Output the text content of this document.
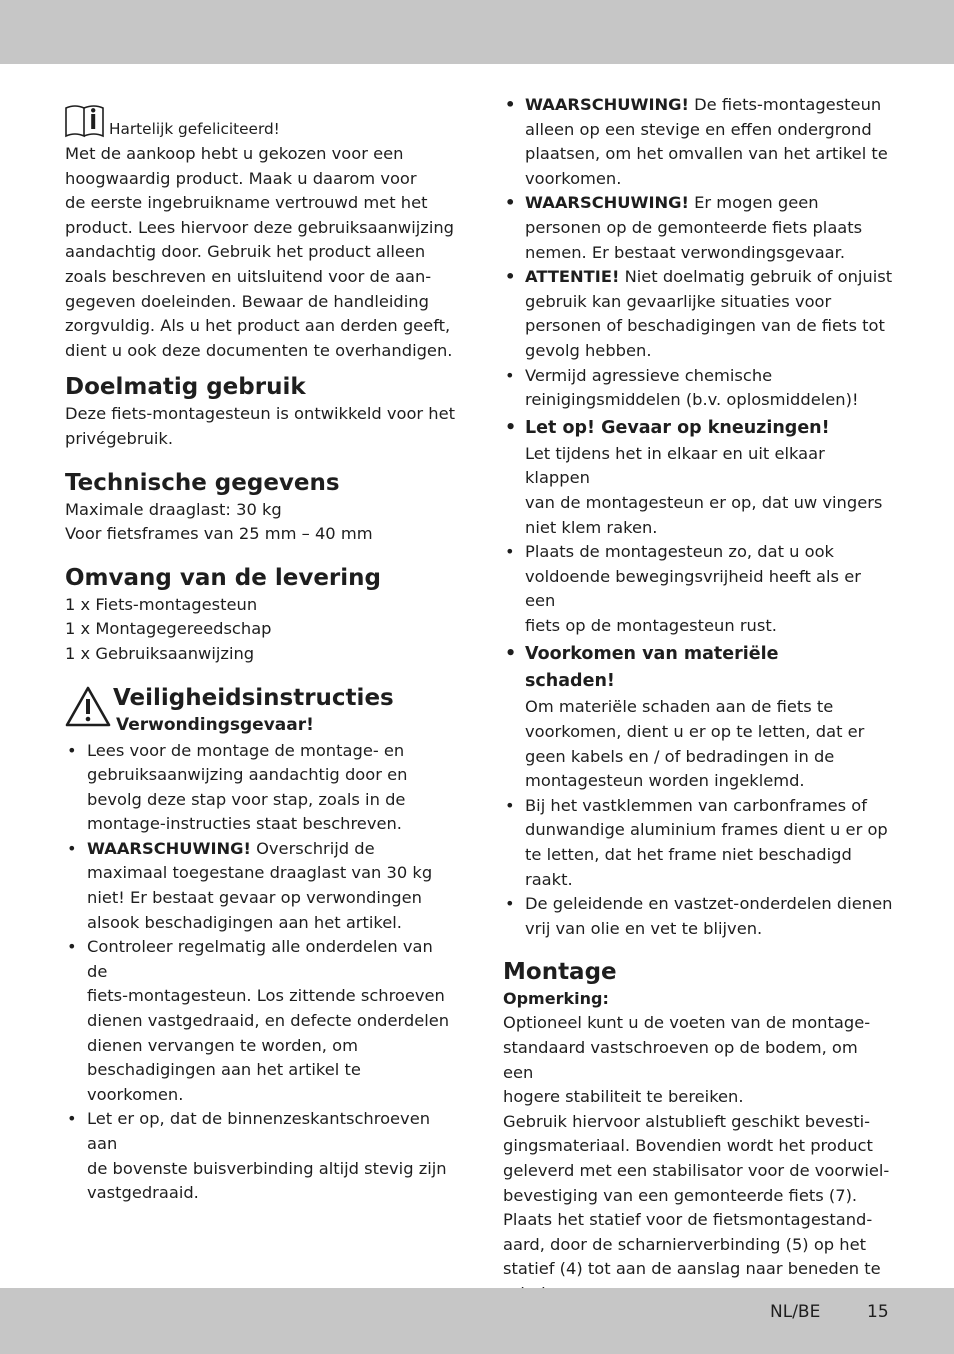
Hartelijk gefeliciteerd!

Met de aankoop hebt u gekozen voor een

hoogwaardig product. Maak u daarom voor

de eerste ingebruikname vertrouwd met het

product. Lees hiervoor deze gebruiksaanwijzing

aandachtig door. Gebruik het product alleen

zoals beschreven en uitsluitend voor de aan-

gegeven doeleinden. Bewaar de handleiding

zorgvuldig. Als u het product aan derden geeft,

dient u ook deze documenten te overhandigen.

Doelmatig gebruik

Deze fiets-montagesteun is ontwikkeld voor het

privégebruik.

Technische gegevens

Maximale draaglast: 30 kg

Voor fietsframes van 25 mm – 40 mm

Omvang van de levering

1 x Fiets-montagesteun

1 x Montagegereedschap

1 x Gebruiksaanwijzing

Veiligheidsinstructies
Verwondingsgevaar!
• Lees voor de montage de montage- en
gebruiksaanwijzing aandachtig door en
bevolg deze stap voor stap, zoals in de
montage-instructies staat beschreven.
• WAARSCHUWING! Overschrijd de
maximaal toegestane draaglast van 30 kg
niet! Er bestaat gevaar op verwondingen
alsook beschadigingen aan het artikel.
• Controleer regelmatig alle onderdelen van de
fiets-montagesteun. Los zittende schroeven
dienen vastgedraaid, en defecte onderdelen
dienen vervangen te worden, om
beschadigingen aan het artikel te voorkomen.
• Let er op, dat de binnenzeskantschroeven aan
de bovenste buisverbinding altijd stevig zijn
vastgedraaid.
• WAARSCHUWING! De fiets-montagesteun
alleen op een stevige en effen ondergrond
plaatsen, om het omvallen van het artikel te
voorkomen.
• WAARSCHUWING! Er mogen geen
personen op de gemonteerde fiets plaats
nemen. Er bestaat verwondingsgevaar.
• ATTENTIE! Niet doelmatig gebruik of onjuist
gebruik kan gevaarlijke situaties voor
personen of beschadigingen van de fiets tot
gevolg hebben.
• Vermijd agressieve chemische
reinigingsmiddelen (b.v. oplosmiddelen)!
• Let op! Gevaar op kneuzingen!
Let tijdens het in elkaar en uit elkaar klappen
van de montagesteun er op, dat uw vingers
niet klem raken.
• Plaats de montagesteun zo, dat u ook
voldoende bewegingsvrijheid heeft als er een
fiets op de montagesteun rust.
• Voorkomen van materiële
schaden!
Om materiële schaden aan de fiets te
voorkomen, dient u er op te letten, dat er
geen kabels en / of bedradingen in de
montagesteun worden ingeklemd.
• Bij het vastklemmen van carbonframes of
dunwandige aluminium frames dient u er op
te letten, dat het frame niet beschadigd raakt.
• De geleidende en vastzet-onderdelen dienen
vrij van olie en vet te blijven.
Montage
Opmerking:

Optioneel kunt u de voeten van de montage-

standaard vastschroeven op de bodem, om een

hogere stabiliteit te bereiken.

Gebruik hiervoor alstublieft geschikt bevesti-

gingsmateriaal. Bovendien wordt het product

geleverd met een stabilisator voor de voorwiel-

bevestiging van een gemonteerde fiets (7).

Plaats het statief voor de fietsmontagestand-

aard, door de scharnierverbinding (5) op het

statief (4) tot aan de aanslag naar beneden te

NL/BE	15
